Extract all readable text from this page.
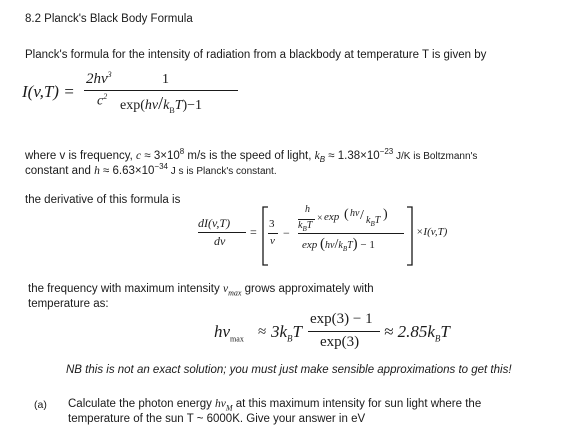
8.2 Planck's Black Body Formula
Planck's formula for the intensity of radiation from a blackbody at temperature T is given by
I(v,T) =
$2hv^3$
$c^2$
1
$\exp(hv/k_BT)-1$
where v is frequency, $c \approx 3\times 10^8$ m/s is the speed of light, $k_B \approx 1.38\times 10^{-23}$ J/K is Boltzmann's
constant and $h \approx 6.63\times 10^{-34}$ J s is Planck's constant.
the derivative of this formula is
dI(v,T)
dv
=
3
v
−
h
$k_BT$
× exp ( hv / $k_BT$ )
$\exp (hv/k_BT) - 1$
×I(v,T)
the frequency with maximum intensity $v_{max}$ grows approximately with
temperature as:
$hv_{max} \approx 3k_BT$
exp(3) − 1
exp(3)
≈ $2.85k_BT$
NB this is not an exact solution; you must just make sensible approximations to get this!
(a) Calculate the photon energy $hv_M$ at this maximum intensity for sun light where the
temperature of the sun T ~ 6000K. Give your answer in eV
